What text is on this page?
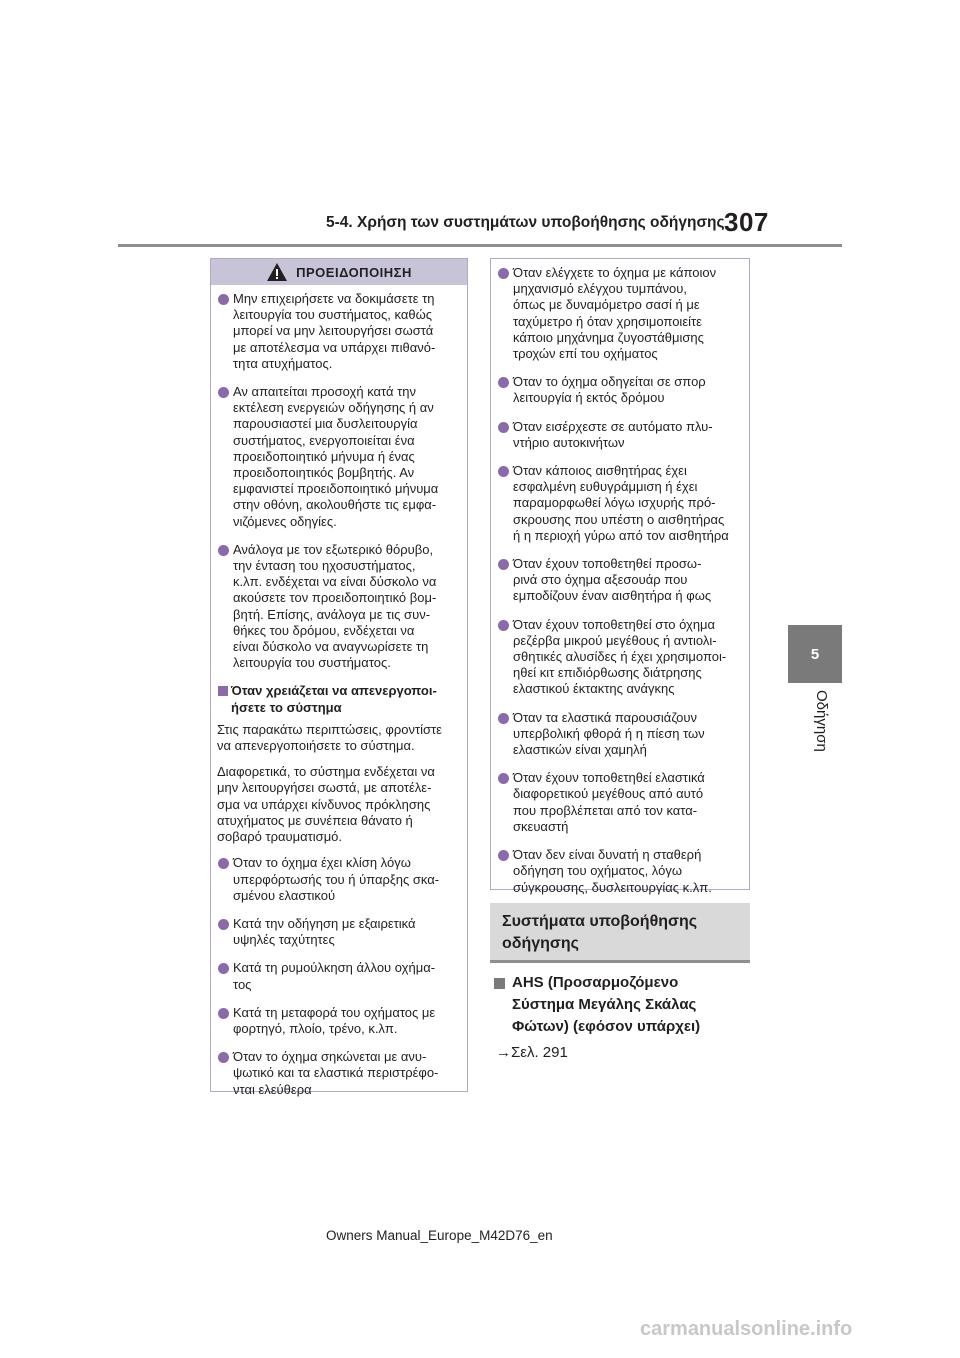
5-4. Χρήση των συστημάτων υποβοήθησης οδήγησης 307
5
Οδήγηση
ΠΡΟΕΙΔΟΠΟΙΗΣΗ
Μην επιχειρήσετε να δοκιμάσετε τη
λειτουργία του συστήματος, καθώς
μπορεί να μην λειτουργήσει σωστά
με αποτέλεσμα να υπάρχει πιθανό-
τητα ατυχήματος.
Αν απαιτείται προσοχή κατά την
εκτέλεση ενεργειών οδήγησης ή αν
παρουσιαστεί μια δυσλειτουργία
συστήματος, ενεργοποιείται ένα
προειδοποιητικό μήνυμα ή ένας
προειδοποιητικός βομβητής. Αν
εμφανιστεί προειδοποιητικό μήνυμα
στην οθόνη, ακολουθήστε τις εμφα-
νιζόμενες οδηγίες.
Ανάλογα με τον εξωτερικό θόρυβο,
την ένταση του ηχοσυστήματος,
κ.λπ. ενδέχεται να είναι δύσκολο να
ακούσετε τον προειδοποιητικό βομ-
βητή. Επίσης, ανάλογα με τις συν-
θήκες του δρόμου, ενδέχεται να
είναι δύσκολο να αναγνωρίσετε τη
λειτουργία του συστήματος.
Όταν χρειάζεται να απενεργοποι-
ήσετε το σύστημα
Στις παρακάτω περιπτώσεις, φροντίστε
να απενεργοποιήσετε το σύστημα.
Διαφορετικά, το σύστημα ενδέχεται να
μην λειτουργήσει σωστά, με αποτέλε-
σμα να υπάρχει κίνδυνος πρόκλησης
ατυχήματος με συνέπεια θάνατο ή
σοβαρό τραυματισμό.
Όταν το όχημα έχει κλίση λόγω
υπερφόρτωσής του ή ύπαρξης σκα-
σμένου ελαστικού
Κατά την οδήγηση με εξαιρετικά
υψηλές ταχύτητες
Κατά τη ρυμούλκηση άλλου οχήμα-
τος
Κατά τη μεταφορά του οχήματος με
φορτηγό, πλοίο, τρένο, κ.λπ.
Όταν το όχημα σηκώνεται με ανυ-
ψωτικό και τα ελαστικά περιστρέφο-
νται ελεύθερα
Όταν ελέγχετε το όχημα με κάποιον
μηχανισμό ελέγχου τυμπάνου,
όπως με δυναμόμετρο σασί ή με
ταχύμετρο ή όταν χρησιμοποιείτε
κάποιο μηχάνημα ζυγοστάθμισης
τροχών επί του οχήματος
Όταν το όχημα οδηγείται σε σπορ
λειτουργία ή εκτός δρόμου
Όταν εισέρχεστε σε αυτόματο πλυ-
ντήριο αυτοκινήτων
Όταν κάποιος αισθητήρας έχει
εσφαλμένη ευθυγράμμιση ή έχει
παραμορφωθεί λόγω ισχυρής πρό-
σκρουσης που υπέστη ο αισθητήρας
ή η περιοχή γύρω από τον αισθητήρα
Όταν έχουν τοποθετηθεί προσω-
ρινά στο όχημα αξεσουάρ που
εμποδίζουν έναν αισθητήρα ή φως
Όταν έχουν τοποθετηθεί στο όχημα
ρεζέρβα μικρού μεγέθους ή αντιολι-
σθητικές αλυσίδες ή έχει χρησιμοποι-
ηθεί κιτ επιδιόρθωσης διάτρησης
ελαστικού έκτακτης ανάγκης
Όταν τα ελαστικά παρουσιάζουν
υπερβολική φθορά ή η πίεση των
ελαστικών είναι χαμηλή
Όταν έχουν τοποθετηθεί ελαστικά
διαφορετικού μεγέθους από αυτό
που προβλέπεται από τον κατα-
σκευαστή
Όταν δεν είναι δυνατή η σταθερή
οδήγηση του οχήματος, λόγω
σύγκρουσης, δυσλειτουργίας κ.λπ.
Συστήματα υποβοήθησης
οδήγησης
AHS (Προσαρμοζόμενο
Σύστημα Μεγάλης Σκάλας
Φώτων) (εφόσον υπάρχει)
→Σελ. 291
Owners Manual_Europe_M42D76_en
carmanualsonline.info
